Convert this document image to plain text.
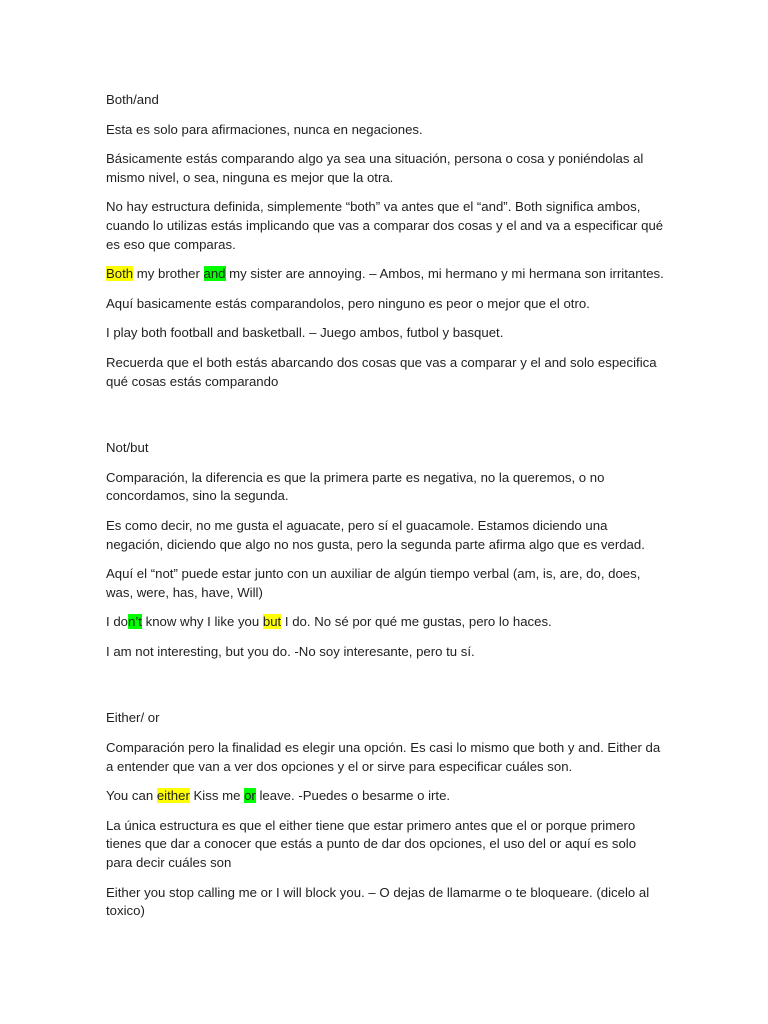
Both/and

Esta es solo para afirmaciones, nunca en negaciones.

Básicamente estás comparando algo ya sea una situación, persona o cosa y poniéndolas al mismo nivel, o sea, ninguna es mejor que la otra.

No hay estructura definida, simplemente “both” va antes que el “and”. Both significa ambos, cuando lo utilizas estás implicando que vas a comparar dos cosas y el and va a especificar qué es eso que comparas.

Both my brother and my sister are annoying. – Ambos, mi hermano y mi hermana son irritantes.

Aquí basicamente estás comparandolos, pero ninguno es peor o mejor que el otro.

I play both football and basketball. – Juego ambos, futbol y basquet.

Recuerda que el both estás abarcando dos cosas que vas a comparar y el and solo especifica qué cosas estás comparando

Not/but

Comparación, la diferencia es que la primera parte es negativa, no la queremos, o no concordamos, sino la segunda.

Es como decir, no me gusta el aguacate, pero sí el guacamole. Estamos diciendo una negación, diciendo que algo no nos gusta, pero la segunda parte afirma algo que es verdad.

Aquí el “not” puede estar junto con un auxiliar de algún tiempo verbal (am, is, are, do, does, was, were, has, have, Will)

I don’t know why I like you but I do. No sé por qué me gustas, pero lo haces.

I am not interesting, but you do. -No soy interesante, pero tu sí.

Either/ or

Comparación pero la finalidad es elegir una opción. Es casi lo mismo que both y and. Either da a entender que van a ver dos opciones y el or sirve para especificar cuáles son.

You can either Kiss me or leave. -Puedes o besarme o irte.

La única estructura es que el either tiene que estar primero antes que el or porque primero tienes que dar a conocer que estás a punto de dar dos opciones, el uso del or aquí es solo para decir cuáles son

Either you stop calling me or I will block you. – O dejas de llamarme o te bloqueare. (dicelo al toxico)
